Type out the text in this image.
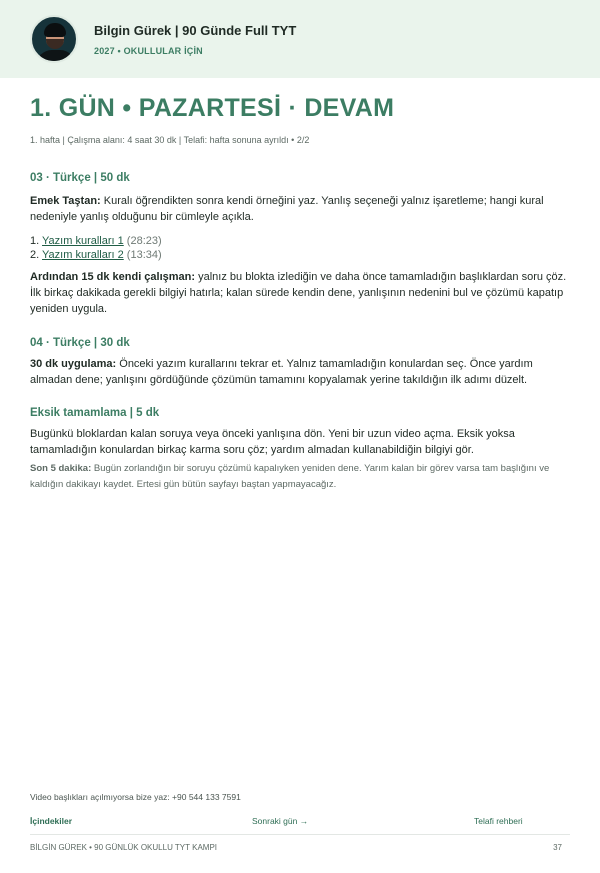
Bilgin Gürek | 90 Günde Full TYT
2027 • OKULLULAR İÇİN
1. GÜN • PAZARTESİ · DEVAM
1. hafta | Çalışma alanı: 4 saat 30 dk | Telafi: hafta sonuna ayrıldı • 2/2
03 · Türkçe | 50 dk
Emek Taştan: Kuralı öğrendikten sonra kendi örneğini yaz. Yanlış seçeneği yalnız işaretleme; hangi kural nedeniyle yanlış olduğunu bir cümleyle açıkla.
1. Yazım kuralları 1 (28:23)
2. Yazım kuralları 2 (13:34)
Ardından 15 dk kendi çalışman: yalnız bu blokta izlediğin ve daha önce tamamladığın başlıklardan soru çöz. İlk birkaç dakikada gerekli bilgiyi hatırla; kalan sürede kendin dene, yanlışının nedenini bul ve çözümü kapatıp yeniden uygula.
04 · Türkçe | 30 dk
30 dk uygulama: Önceki yazım kurallarını tekrar et. Yalnız tamamladığın konulardan seç. Önce yardım almadan dene; yanlışını gördüğünde çözümün tamamını kopyalamak yerine takıldığın ilk adımı düzelt.
Eksik tamamlama | 5 dk
Bugünkü bloklardan kalan soruya veya önceki yanlışına dön. Yeni bir uzun video açma. Eksik yoksa tamamladığın konulardan birkaç karma soru çöz; yardım almadan kullanabildiğin bilgiyi gör.
Son 5 dakika: Bugün zorlandığın bir soruyu çözümü kapalıyken yeniden dene. Yarım kalan bir görev varsa tam başlığını ve kaldığın dakikayı kaydet. Ertesi gün bütün sayfayı baştan yapmayacağız.
Video başlıkları açılmıyorsa bize yaz: +90 544 133 7591
İçindekiler	Sonraki gün →	Telafi rehberi
BİLGİN GÜREK • 90 GÜNLÜK OKULLU TYT KAMPI	37
